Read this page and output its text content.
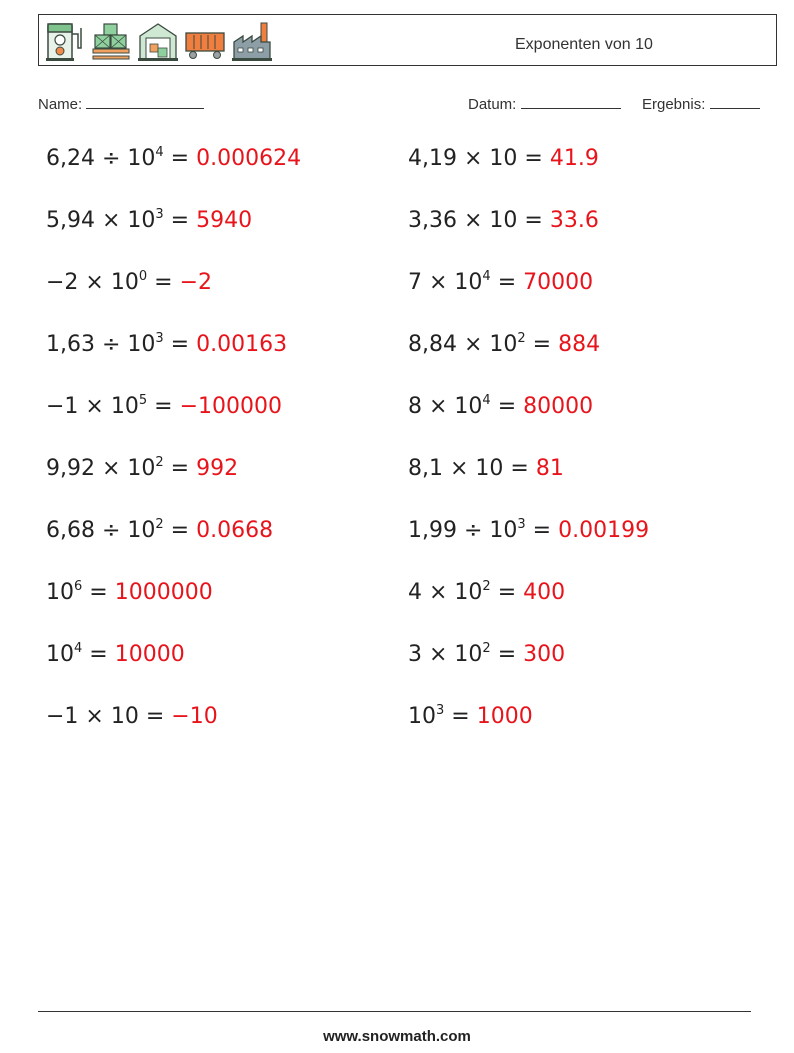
Exponenten von 10
Name:	Datum:	Ergebnis:
$6,24 \div 10^4 = 0.000624$	4,19 × 10 = 41.9
$5,94 \times 10^3 = 5940$	3,36 × 10 = 33.6
$-2 \times 10^0 = -2$	$7 \times 10^4 = 70000$
$1,63 \div 10^3 = 0.00163$	$8,84 \times 10^2 = 884$
$-1 \times 10^5 = -100000$	$8 \times 10^4 = 80000$
$9,92 \times 10^2 = 992$	8,1 × 10 = 81
$6,68 \div 10^2 = 0.0668$	$1,99 \div 10^3 = 0.00199$
$10^6 = 1000000$	$4 \times 10^2 = 400$
$10^4 = 10000$	$3 \times 10^2 = 300$
−1 × 10 = −10	$10^3 = 1000$
www.snowmath.com
